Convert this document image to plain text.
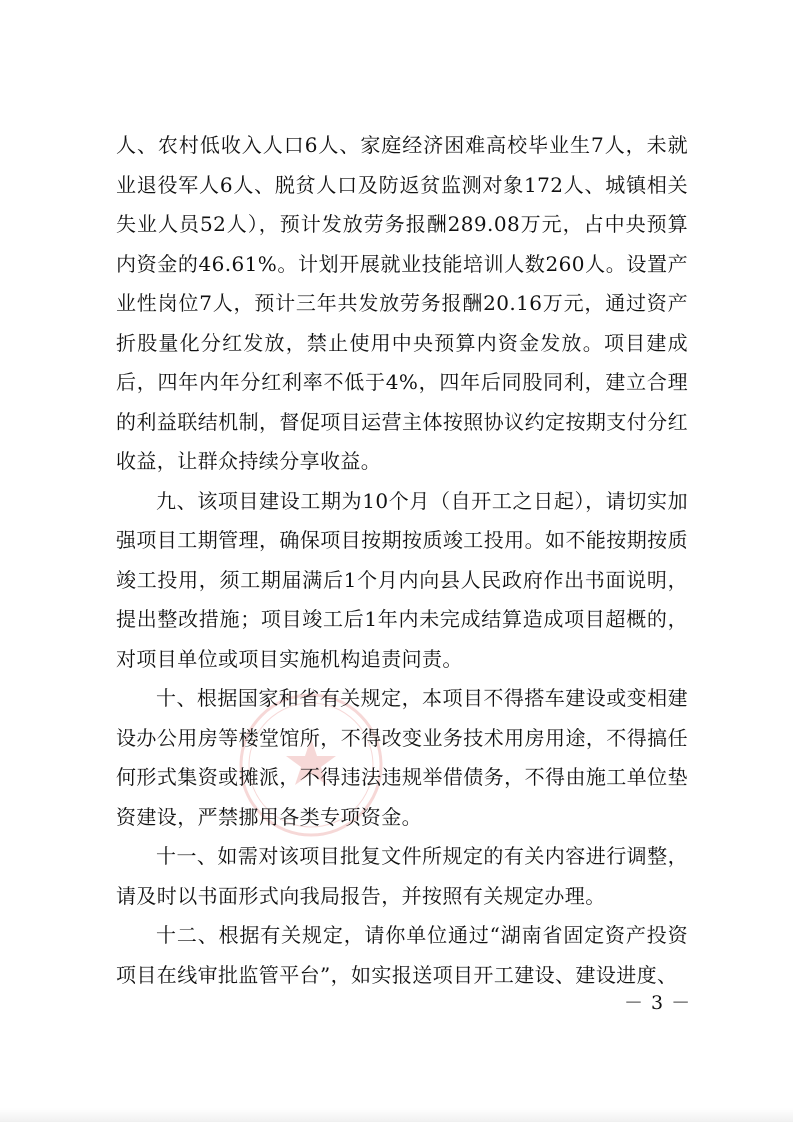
人、农村低收入人口6人、家庭经济困难高校毕业生7人，未就业退役军人6人、脱贫人口及防返贫监测对象172人、城镇相关失业人员52人），预计发放劳务报酬289.08万元，占中央预算内资金的46.61%。计划开展就业技能培训人数260人。设置产业性岗位7人，预计三年共发放劳务报酬20.16万元，通过资产折股量化分红发放，禁止使用中央预算内资金发放。项目建成后，四年内年分红利率不低于4%，四年后同股同利，建立合理的利益联结机制，督促项目运营主体按照协议约定按期支付分红收益，让群众持续分享收益。

九、该项目建设工期为10个月（自开工之日起），请切实加强项目工期管理，确保项目按期按质竣工投用。如不能按期按质竣工投用，须工期届满后1个月内向县人民政府作出书面说明，提出整改措施；项目竣工后1年内未完成结算造成项目超概的，对项目单位或项目实施机构追责问责。

十、根据国家和省有关规定，本项目不得搭车建设或变相建设办公用房等楼堂馆所，不得改变业务技术用房用途，不得搞任何形式集资或摊派，不得违法违规举借债务，不得由施工单位垫资建设，严禁挪用各类专项资金。

十一、如需对该项目批复文件所规定的有关内容进行调整，请及时以书面形式向我局报告，并按照有关规定办理。

十二、根据有关规定，请你单位通过“湖南省固定资产投资项目在线审批监管平台”，如实报送项目开工建设、建设进度、

－ 3 －
